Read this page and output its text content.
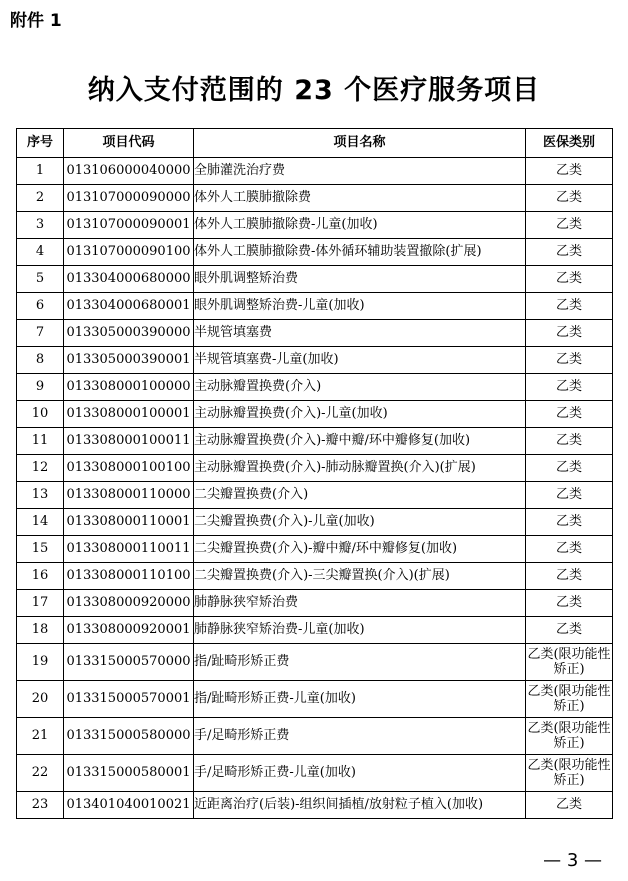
附件 1
纳入支付范围的 23 个医疗服务项目
序号	项目代码	项目名称	医保类别
1	013106000040000	全肺灌洗治疗费	乙类
2	013107000090000	体外人工膜肺撤除费	乙类
3	013107000090001	体外人工膜肺撤除费-儿童(加收)	乙类
4	013107000090100	体外人工膜肺撤除费-体外循环辅助装置撤除(扩展)	乙类
5	013304000680000	眼外肌调整矫治费	乙类
6	013304000680001	眼外肌调整矫治费-儿童(加收)	乙类
7	013305000390000	半规管填塞费	乙类
8	013305000390001	半规管填塞费-儿童(加收)	乙类
9	013308000100000	主动脉瓣置换费(介入)	乙类
10	013308000100001	主动脉瓣置换费(介入)-儿童(加收)	乙类
11	013308000100011	主动脉瓣置换费(介入)-瓣中瓣/环中瓣修复(加收)	乙类
12	013308000100100	主动脉瓣置换费(介入)-肺动脉瓣置换(介入)(扩展)	乙类
13	013308000110000	二尖瓣置换费(介入)	乙类
14	013308000110001	二尖瓣置换费(介入)-儿童(加收)	乙类
15	013308000110011	二尖瓣置换费(介入)-瓣中瓣/环中瓣修复(加收)	乙类
16	013308000110100	二尖瓣置换费(介入)-三尖瓣置换(介入)(扩展)	乙类
17	013308000920000	肺静脉狭窄矫治费	乙类
18	013308000920001	肺静脉狭窄矫治费-儿童(加收)	乙类
19	013315000570000	指/趾畸形矫正费	乙类(限功能性矫正)
20	013315000570001	指/趾畸形矫正费-儿童(加收)	乙类(限功能性矫正)
21	013315000580000	手/足畸形矫正费	乙类(限功能性矫正)
22	013315000580001	手/足畸形矫正费-儿童(加收)	乙类(限功能性矫正)
23	013401040010021	近距离治疗(后装)-组织间插植/放射粒子植入(加收)	乙类
— 3 —
